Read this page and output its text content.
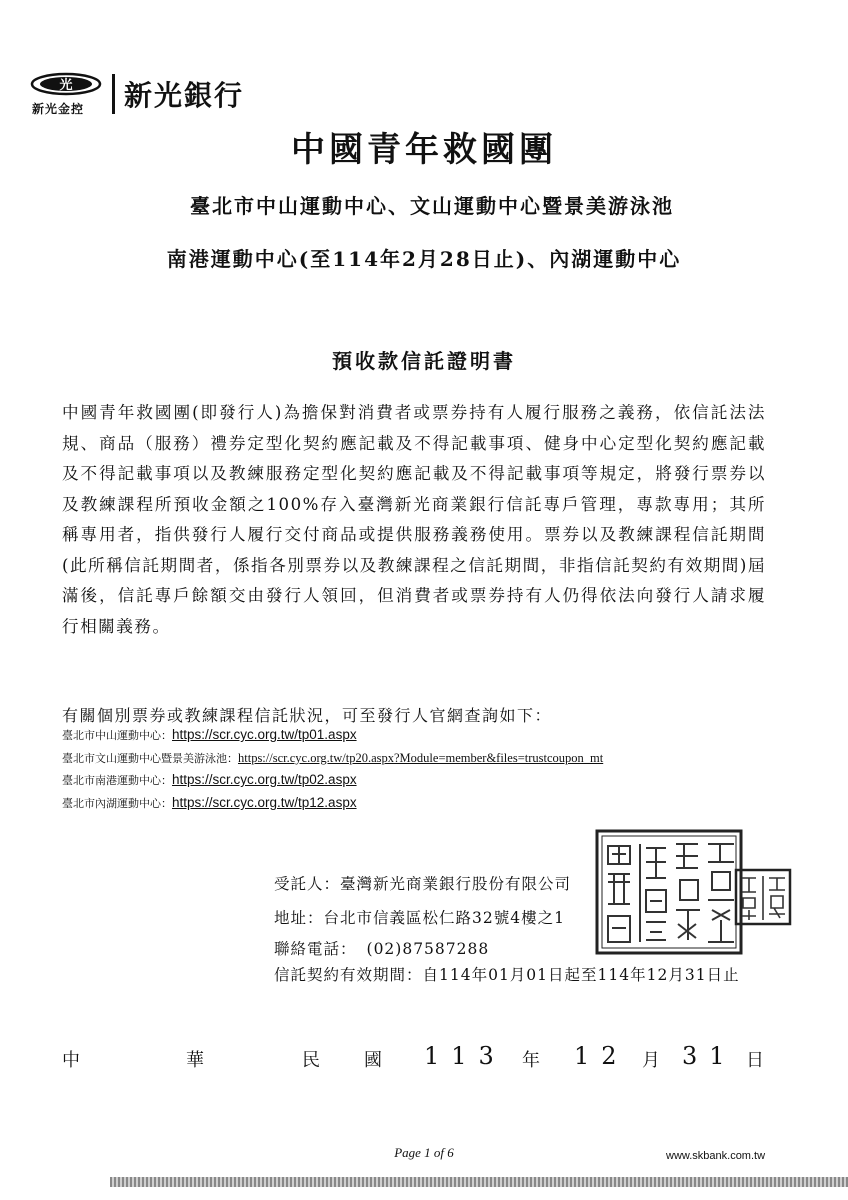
光
新光金控 新光銀行
中國青年救國團
臺北市中山運動中心、文山運動中心暨景美游泳池
南港運動中心(至114年2月28日止)、內湖運動中心
預收款信託證明書
中國青年救國團(即發行人)為擔保對消費者或票券持有人履行服務之義務，依信託法法規、商品（服務）禮券定型化契約應記載及不得記載事項、健身中心定型化契約應記載及不得記載事項以及教練服務定型化契約應記載及不得記載事項等規定，將發行票券以及教練課程所預收金額之100%存入臺灣新光商業銀行信託專戶管理，專款專用；其所稱專用者，指供發行人履行交付商品或提供服務義務使用。票券以及教練課程信託期間(此所稱信託期間者，係指各別票券以及教練課程之信託期間，非指信託契約有效期間)屆滿後，信託專戶餘額交由發行人領回，但消費者或票券持有人仍得依法向發行人請求履行相關義務。
有關個別票券或教練課程信託狀況，可至發行人官網查詢如下：
臺北市中山運動中心：https://scr.cyc.org.tw/tp01.aspx
臺北市文山運動中心暨景美游泳池：https://scr.cyc.org.tw/tp20.aspx?Module=member&files=trustcoupon_mt
臺北市南港運動中心：https://scr.cyc.org.tw/tp02.aspx
臺北市內湖運動中心：https://scr.cyc.org.tw/tp12.aspx
受託人：臺灣新光商業銀行股份有限公司
地址：台北市信義區松仁路32號4樓之1
聯絡電話： (02)87587288
信託契約有效期間：自114年01月01日起至114年12月31日止
中	華	民 國 113 年 12 月 31 日
Page 1 of 6	www.skbank.com.tw
